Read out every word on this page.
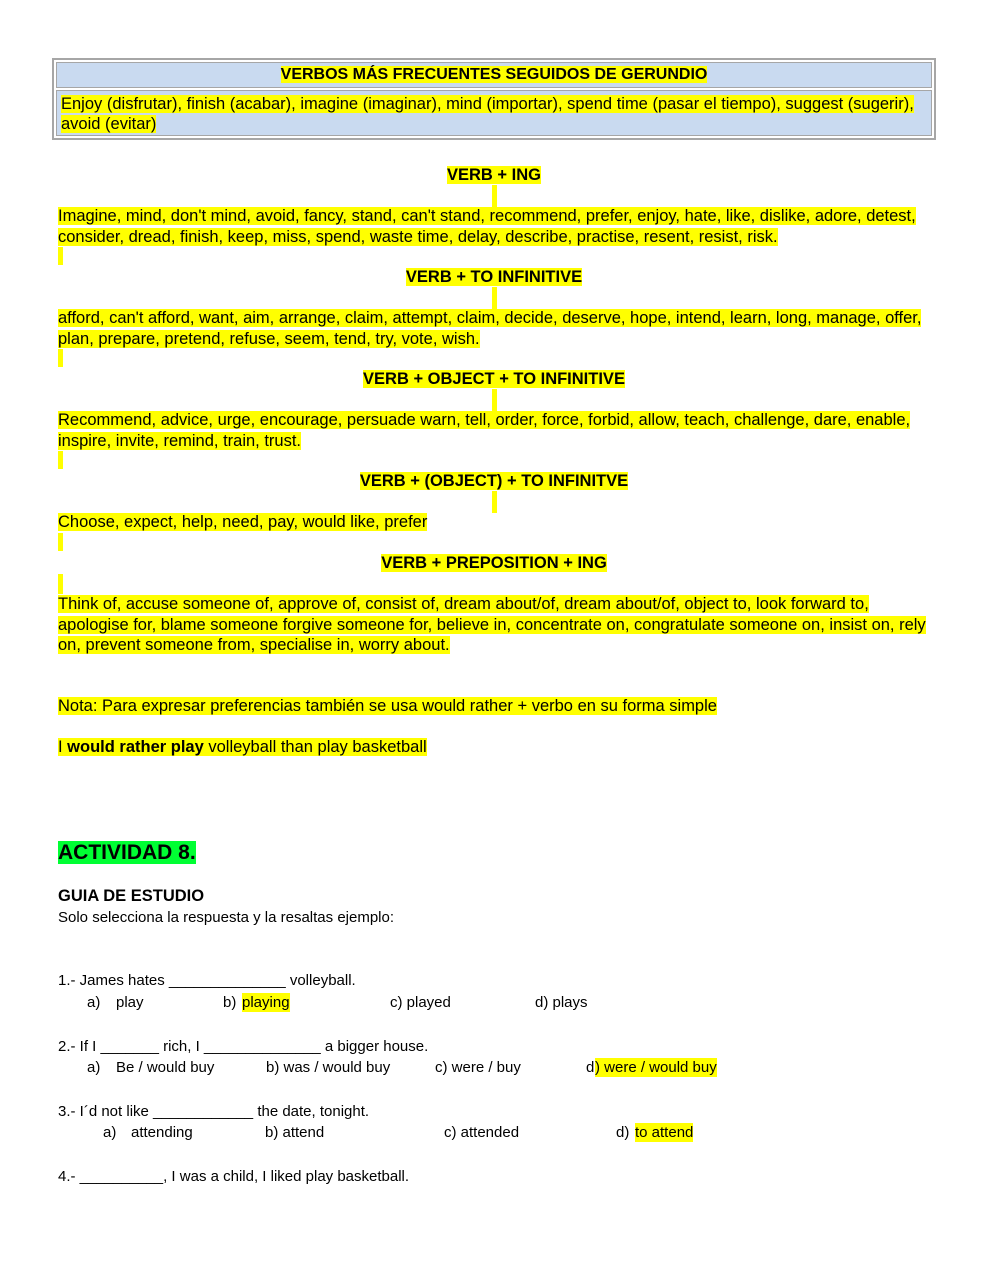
VERBOS MÁS FRECUENTES SEGUIDOS DE GERUNDIO
Enjoy (disfrutar), finish (acabar), imagine (imaginar), mind (importar), spend time (pasar el tiempo), suggest (sugerir), avoid (evitar)
VERB + ING
Imagine, mind, don't mind, avoid, fancy, stand, can't stand, recommend, prefer, enjoy, hate, like, dislike, adore, detest, consider, dread, finish, keep, miss, spend, waste time, delay, describe, practise, resent, resist, risk.
VERB + TO INFINITIVE
afford, can't afford, want, aim, arrange, claim, attempt, claim, decide, deserve, hope, intend, learn, long, manage, offer, plan, prepare, pretend, refuse, seem, tend, try, vote, wish.
VERB + OBJECT + TO INFINITIVE
Recommend, advice, urge, encourage, persuade warn, tell, order, force, forbid, allow, teach, challenge, dare, enable, inspire, invite, remind, train, trust.
VERB + (OBJECT) + TO INFINITVE
Choose, expect, help, need, pay, would like, prefer
VERB + PREPOSITION + ING
Think of, accuse someone of, approve of, consist of, dream about/of, dream about/of, object to, look forward to, apologise for, blame someone forgive someone for, believe in, concentrate on, congratulate someone on, insist on, rely on, prevent someone from, specialise in, worry about.
Nota: Para expresar preferencias también se usa would rather + verbo en su forma simple
I would rather play volleyball than play basketball
ACTIVIDAD 8.
GUIA DE ESTUDIO
Solo selecciona la respuesta y la resaltas ejemplo:
1.- James hates ______________ volleyball.
a) play	b) playing	c) played	d) plays
2.- If I _______ rich, I ______________ a bigger house.
a) Be / would buy	b) was / would buy	c) were / buy	d ) were / would buy
3.- I´d not like ____________ the date, tonight.
a) attending	b) attend	c) attended	d) to attend
4.- __________, I was a child, I liked play basketball.
